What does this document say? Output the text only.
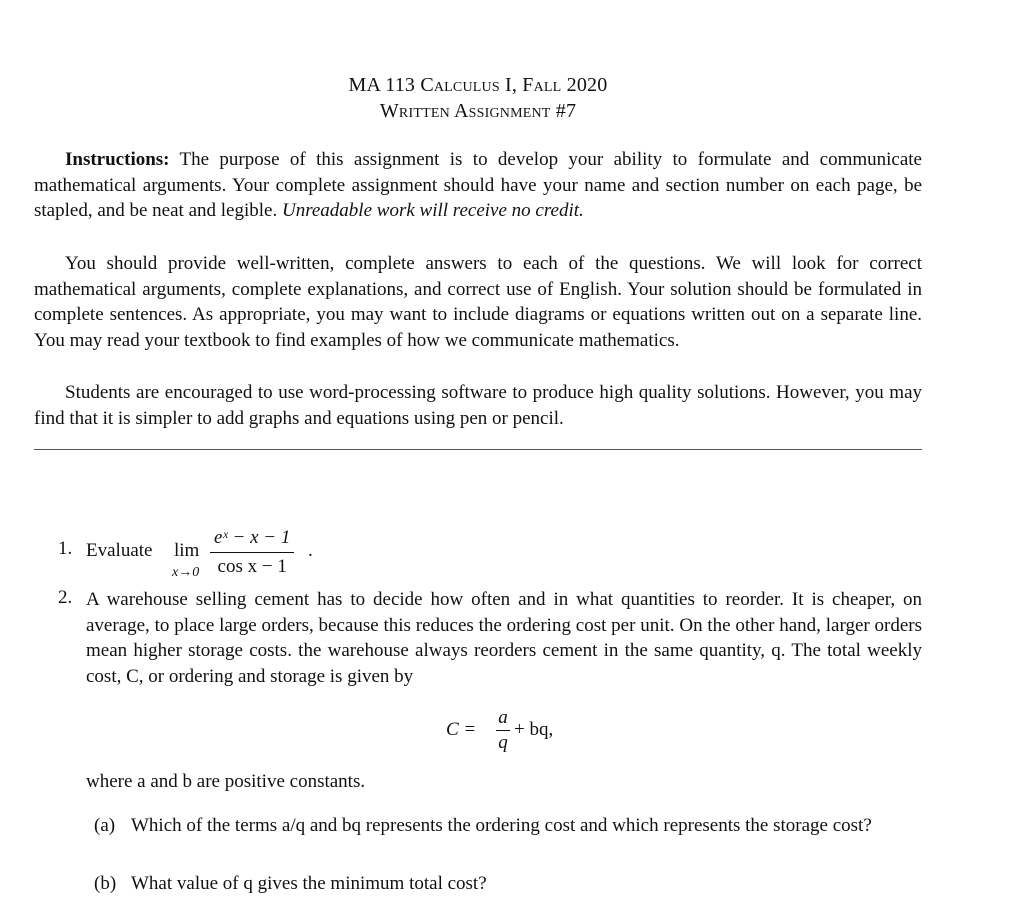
MA 113 Calculus I, Fall 2020
Written Assignment #7

Instructions: The purpose of this assignment is to develop your ability to formulate and communicate mathematical arguments. Your complete assignment should have your name and section number on each page, be stapled, and be neat and legible. Unreadable work will receive no credit.

You should provide well-written, complete answers to each of the questions. We will look for correct mathematical arguments, complete explanations, and correct use of English. Your solution should be formulated in complete sentences. As appropriate, you may want to include diagrams or equations written out on a separate line. You may read your textbook to find examples of how we communicate mathematics.

Students are encouraged to use word-processing software to produce high quality solutions. However, you may find that it is simpler to add graphs and equations using pen or pencil.

1. Evaluate lim
x→0
eˣ − x − 1
cos x − 1
.
2. A warehouse selling cement has to decide how often and in what quantities to reorder. It is cheaper, on average, to place large orders, because this reduces the ordering cost per unit. On the other hand, larger orders mean higher storage costs. the warehouse always reorders cement in the same quantity, q. The total weekly cost, C, or ordering and storage is given by
C =
a
q
+ bq,
where a and b are positive constants.
(a) Which of the terms a/q and bq represents the ordering cost and which represents the storage cost?
(b) What value of q gives the minimum total cost?
